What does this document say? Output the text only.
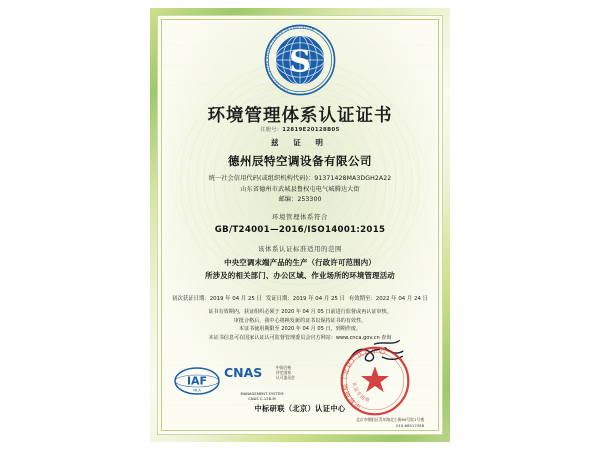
S
CTI CERTIFICATION BEIJING CENTER ORGANIZATION
环境管理体系认证证书
注册号：12819E20128B05
兹 证 明
德州辰特空调设备有限公司
统一社会信用代码(或组织机构代码)：91371428MA3DGH2A22
山东省德州市武城县鲁权屯电气城腾达大街
邮编：253300
环境管理体系符合
GB/T24001—2016/ISO14001:2015
该体系认证标准适用的范围
中央空调末端产品的生产（行政许可范围内）
所涉及的相关部门、办公区域、作业场所的环境管理活动
初次获证日期：2019 年 04 月 25 日 发证日期：2019 年 04 月 25 日 有效期至：2022 年 04 月 24 日
证书有效期内，获证组织必须于 2020 年 04 月 05 日前进行监督或再认证审核。
审批合格后，我中心将换发新的证书以保持证书的有效性。
本证书使用期限至 2020 年 04 月 05 日，到期作废。
本证书信息可在国家认证认可监督管理委员会官方网站：www.cnca.gov.cn 查询
中标研联（北京）认证中心
认证专用章
IAF
MLA
CNAS 中国合格
评定国家
认可委员会
MANAGEMENT SYSTEM
CNAS C-12B-M
中标研联（北京）认证中心
北京市朝阳区青年路北小街69号院1号楼
010-68517458
